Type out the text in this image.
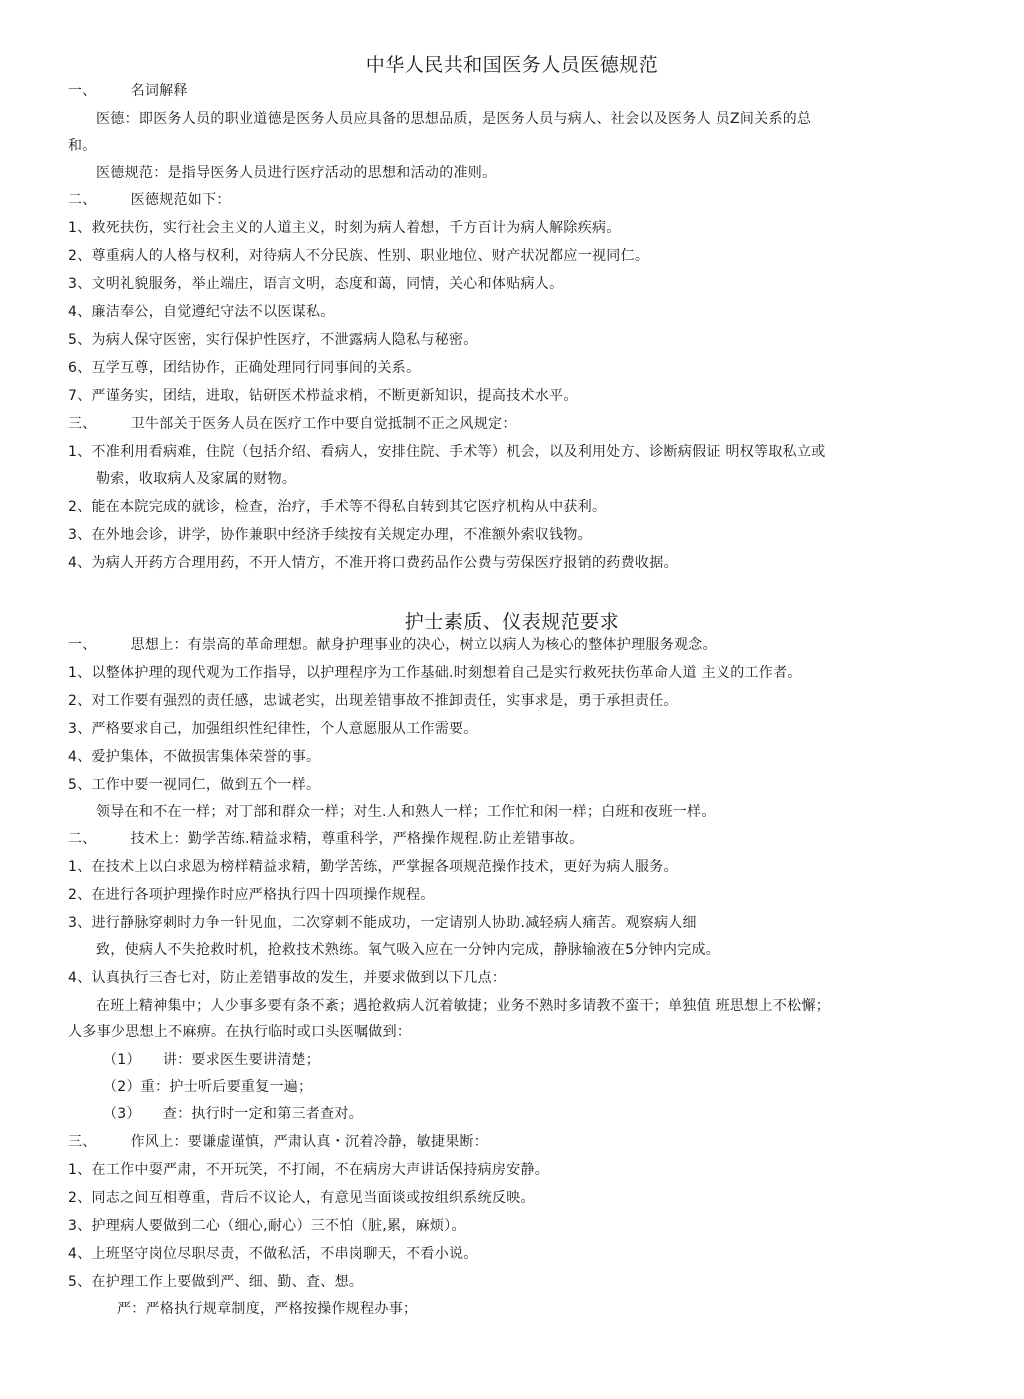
中华人民共和国医务人员医德规范

一、 名词解释

医德：即医务人员的职业道德是医务人员应具备的思想品质，是医务人员与病人、社会以及医务人 员Z间关系的总

和。

医德规范：是指导医务人员进行医疗活动的思想和活动的准则。

二、 医德规范如下：

1、救死扶伤，实行社会主义的人道主义，时刻为病人着想，千方百计为病人解除疾病。

2、尊重病人的人格与权利，对待病人不分民族、性别、职业地位、财产状况都应一视同仁。

3、文明礼貌服务，举止端庄，语言文明，态度和蔼，同情，关心和体贴病人。

4、廉洁奉公，自觉遵纪守法不以医谋私。

5、为病人保守医密，实行保护性医疗，不泄露病人隐私与秘密。

6、互学互尊，团结协作，正确处理同行同事间的关系。

7、严谨务实，团结，进取，钻研医术栉益求梢，不断更新知识，提高技术水平。

三、 卫牛部关于医务人员在医疗工作中要自觉抵制不正之风规定：

1、不准利用看病难，住院（包括介绍、看病人，安排住院、手术等）机会，以及利用处方、诊断病假证 明权等取私立或

勒索，收取病人及家属的财物。

2、能在本院完成的就诊，检查，治疗，手术等不得私自转到其它医疗机构从中获利。

3、在外地会诊，讲学，协作兼职中经济手续按有关规定办理，不准额外索収钱物。

4、为病人开药方合理用药，不开人情方，不准开将口费药品作公费与劳保医疗报销的药费收据。

护士素质、仪表规范要求

一、 思想上：有崇高的革命理想。献身护理事业的决心，树立以病人为核心的整体护理服务观念。

1、以整体护理的现代观为工作指导，以护理程序为工作基础.时刻想着自己是实行救死扶伤革命人道 主义的工作者。

2、对工作要有强烈的责任感，忠诚老实，出现差错事故不推卸责任，实事求是，勇于承担责任。

3、严格要求自己，加强组织性纪律性，个人意愿服从工作需要。

4、爱护集体，不做损害集体荣誉的事。

5、工作中要一视同仁，做到五个一样。

领导在和不在一样；对丁部和群众一样；对生.人和熟人一样；工作忙和闲一样；白班和夜班一样。

二、 技术上：勤学苦练.精益求精，尊重科学，严格操作规程.防止差错事故。

1、在技术上以白求恩为榜样精益求精，勤学苦练，严掌握各项规范操作技术，更好为病人服务。

2、在进行各项护理操作时应严格执行四十四项操作规程。

3、进行静脉穿刺时力争一针见血，二次穿刺不能成功，一定请别人协助.减轻病人痛苦。观察病人细

致，使病人不失抢救时机，抢救技术熟练。氧气吸入应在一分钟内完成，静脉输液在5分钟内完成。

4、认真执行三杳七对，防止差错事故的发生，并要求做到以下几点：

在班上精神集中；人少事多要有条不紊；遇抢救病人沉着敏捷；业务不熟时多请教不蛮干；单独值 班思想上不松懈；

人多事少思想上不麻痹。在执行临时或口头医嘱做到：

（1） 讲：要求医生要讲清楚；

（2）重：护士听后要重复一遍；

（3） 查：执行时一定和第三者查对。

三、 作风上：要谦虚谨慎，严肃认真・沉着冷静，敏捷果断：

1、在工作中耍严肃，不开玩笑，不打闹，不在病房大声讲话保持病房安静。

2、同志之间互相尊重，背后不议论人，有意见当面谈或按组织系统反映。

3、护理病人要做到二心（细心,耐心）三不怕（脏,累，麻烦）。

4、上班坚守岗位尽职尽责，不做私活，不串岗聊天，不看小说。

5、在护理工作上要做到严、细、勤、査、想。

严：严格执行规章制度，严格按操作规程办事；
